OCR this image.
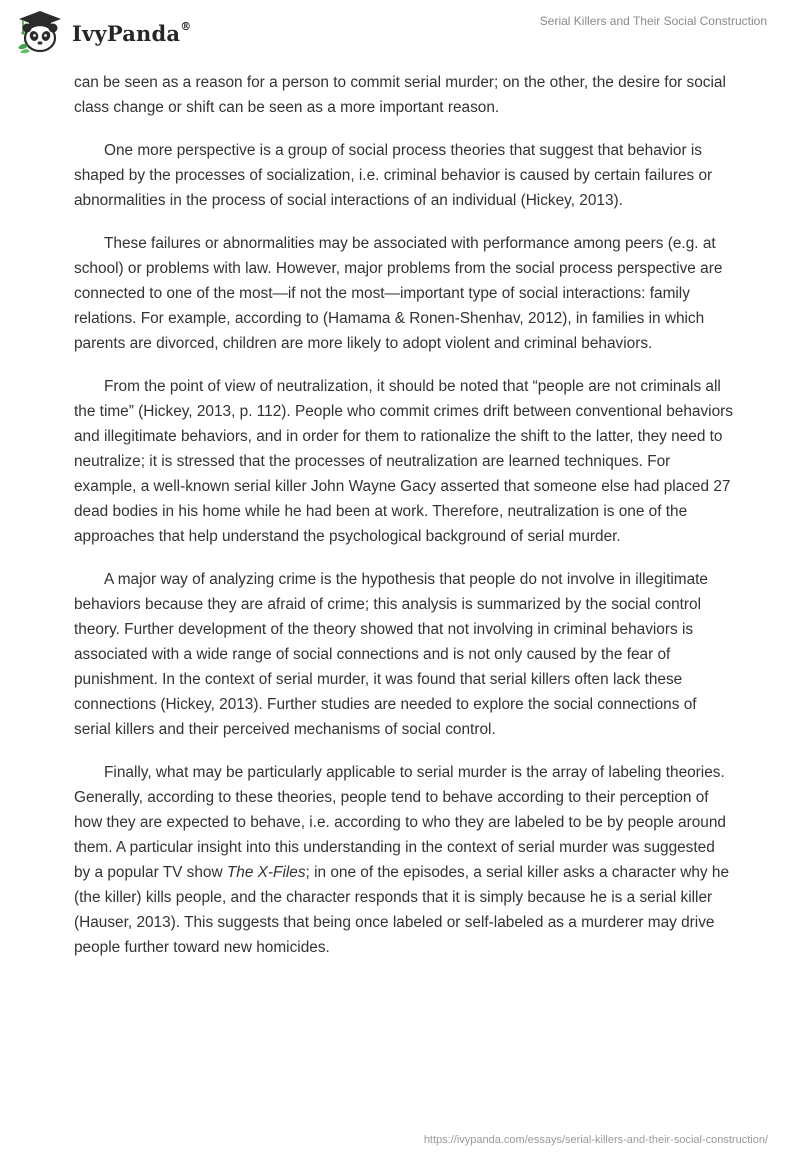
IvyPanda®	Serial Killers and Their Social Construction

can be seen as a reason for a person to commit serial murder; on the other, the desire for social class change or shift can be seen as a more important reason.

One more perspective is a group of social process theories that suggest that behavior is shaped by the processes of socialization, i.e. criminal behavior is caused by certain failures or abnormalities in the process of social interactions of an individual (Hickey, 2013).

These failures or abnormalities may be associated with performance among peers (e.g. at school) or problems with law. However, major problems from the social process perspective are connected to one of the most—if not the most—important type of social interactions: family relations. For example, according to (Hamama & Ronen-Shenhav, 2012), in families in which parents are divorced, children are more likely to adopt violent and criminal behaviors.

From the point of view of neutralization, it should be noted that “people are not criminals all the time” (Hickey, 2013, p. 112). People who commit crimes drift between conventional behaviors and illegitimate behaviors, and in order for them to rationalize the shift to the latter, they need to neutralize; it is stressed that the processes of neutralization are learned techniques. For example, a well-known serial killer John Wayne Gacy asserted that someone else had placed 27 dead bodies in his home while he had been at work. Therefore, neutralization is one of the approaches that help understand the psychological background of serial murder.

A major way of analyzing crime is the hypothesis that people do not involve in illegitimate behaviors because they are afraid of crime; this analysis is summarized by the social control theory. Further development of the theory showed that not involving in criminal behaviors is associated with a wide range of social connections and is not only caused by the fear of punishment. In the context of serial murder, it was found that serial killers often lack these connections (Hickey, 2013). Further studies are needed to explore the social connections of serial killers and their perceived mechanisms of social control.

Finally, what may be particularly applicable to serial murder is the array of labeling theories. Generally, according to these theories, people tend to behave according to their perception of how they are expected to behave, i.e. according to who they are labeled to be by people around them. A particular insight into this understanding in the context of serial murder was suggested by a popular TV show The X-Files; in one of the episodes, a serial killer asks a character why he (the killer) kills people, and the character responds that it is simply because he is a serial killer (Hauser, 2013). This suggests that being once labeled or self-labeled as a murderer may drive people further toward new homicides.

https://ivypanda.com/essays/serial-killers-and-their-social-construction/
